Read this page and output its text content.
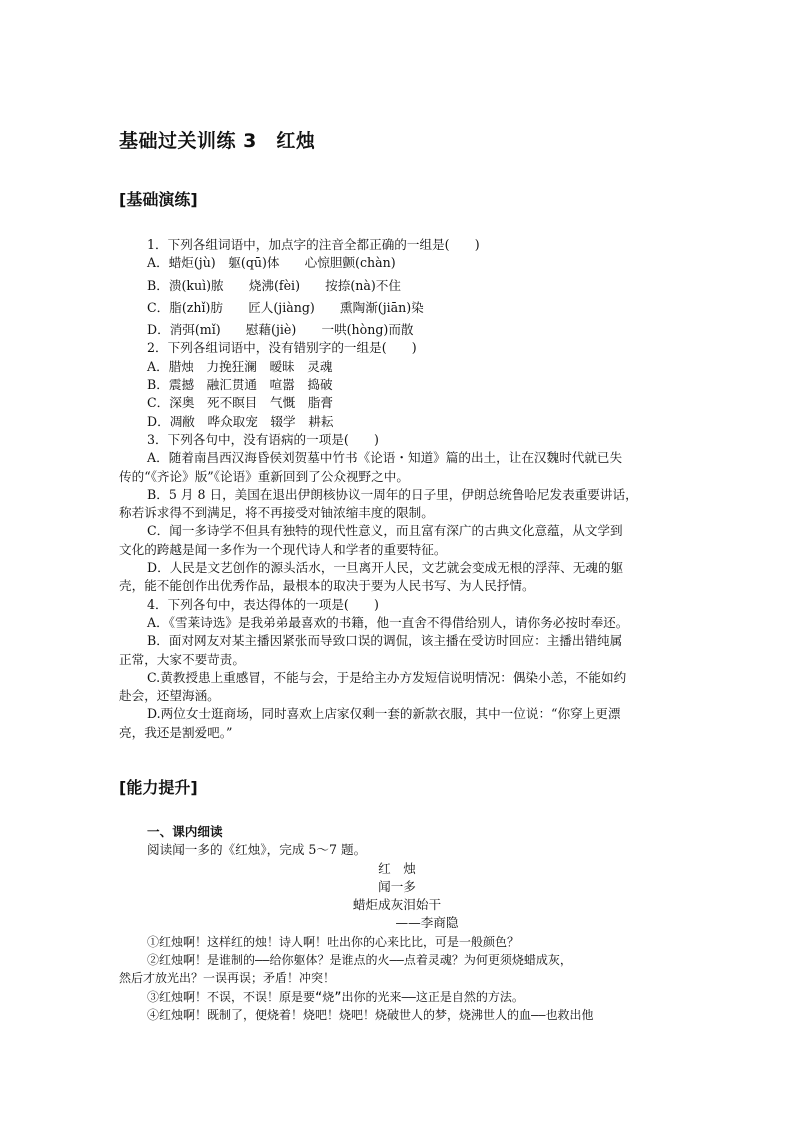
基础过关训练 3　红烛
[基础演练]

1．下列各组词语中，加点字的注音全都正确的一组是(　　)

A．蜡炬(jù)　躯(qū)体　　心惊胆颤(chàn)

B．溃(kuì)脓　　烧沸(fèi)　　按捺(nà)不住

C．脂(zhǐ)肪　　匠人(jiàng)　　熏陶渐(jiān)染

D．消弭(mǐ)　　慰藉(jiè)　　一哄(hòng)而散

2．下列各组词语中，没有错别字的一组是(　　)

A．腊烛　力挽狂澜　暧昧　灵魂

B．震撼　融汇贯通　喧嚣　捣破

C．深奥　死不瞑目　气慨　脂膏

D．凋敝　哗众取宠　辍学　耕耘

3．下列各句中，没有语病的一项是(　　)

A．随着南昌西汉海昏侯刘贺墓中竹书《论语・知道》篇的出土，让在汉魏时代就已失

传的“《齐论》版”《论语》重新回到了公众视野之中。

B．5 月 8 日，美国在退出伊朗核协议一周年的日子里，伊朗总统鲁哈尼发表重要讲话，

称若诉求得不到满足，将不再接受对铀浓缩丰度的限制。

C．闻一多诗学不但具有独特的现代性意义，而且富有深广的古典文化意蕴，从文学到

文化的跨越是闻一多作为一个现代诗人和学者的重要特征。

D．人民是文艺创作的源头活水，一旦离开人民，文艺就会变成无根的浮萍、无魂的躯

壳，能不能创作出优秀作品，最根本的取决于要为人民书写、为人民抒情。

4．下列各句中，表达得体的一项是(　　)

A．《雪莱诗选》是我弟弟最喜欢的书籍，他一直舍不得借给别人，请你务必按时奉还。

B．面对网友对某主播因紧张而导致口误的调侃，该主播在受访时回应：主播出错纯属

正常，大家不要苛责。

C.黄教授患上重感冒，不能与会，于是给主办方发短信说明情况：偶染小恙，不能如约

赴会，还望海涵。

D.两位女士逛商场，同时喜欢上店家仅剩一套的新款衣服，其中一位说：“你穿上更漂

亮，我还是割爱吧。”

[能力提升]

一、课内细读

阅读闻一多的《红烛》，完成 5～7 题。

红　烛

闻一多

蜡炬成灰泪始干

——李商隐

①红烛啊！这样红的烛！诗人啊！吐出你的心来比比，可是一般颜色？

②红烛啊！是谁制的——给你躯体？是谁点的火——点着灵魂？为何更须烧蜡成灰，

然后才放光出？一误再误；矛盾！冲突！

③红烛啊！不误，不误！原是要“烧”出你的光来——这正是自然的方法。

④红烛啊！既制了，便烧着！烧吧！烧吧！烧破世人的梦，烧沸世人的血——也救出他
